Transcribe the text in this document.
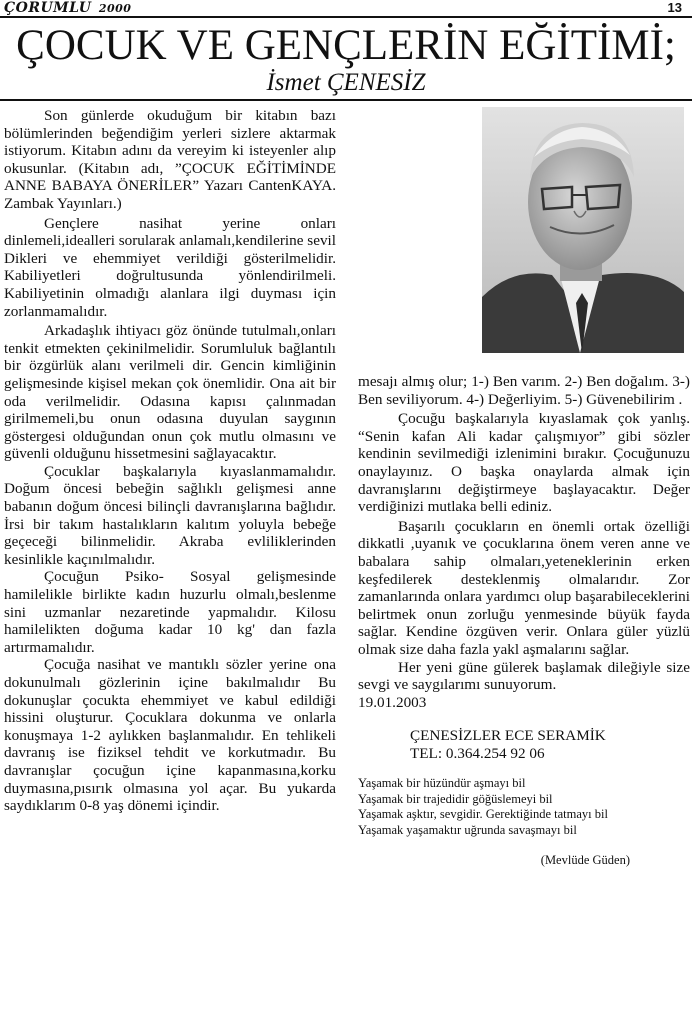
ÇORUMLU 2000	13
ÇOCUK VE GENÇLERİN EĞİTİMİ;
İsmet ÇENESİZ

Son günlerde okuduğum bir kitabın bazı bölümlerinden beğendiğim yerleri sizlere aktarmak istiyorum. Kitabın adını da vereyim ki isteyenler alıp okusunlar. (Kitabın adı, ”ÇOCUK EĞİTİMİNDE ANNE BABAYA ÖNERİLER” Yazarı CantenKAYA. Zambak Yayınları.)

Gençlere nasihat yerine onları dinlemeli,idealleri sorularak anlamalı,kendilerine sevil Dikleri ve ehemmiyet verildiği gösterilmelidir. Kabiliyetleri doğrultusunda yönlendirilmeli. Kabiliyetinin olmadığı alanlara ilgi duyması için zorlanmamalıdır.

Arkadaşlık ihtiyacı göz önünde tutulmalı,onları tenkit etmekten çekinilmelidir. Sorumluluk bağlantılı bir özgürlük alanı verilmeli dir. Gencin kimliğinin gelişmesinde kişisel mekan çok önemlidir. Ona ait bir oda verilmelidir. Odasına kapısı çalınmadan girilmemeli,bu onun odasına duyulan saygının göstergesi olduğundan onun çok mutlu olmasını ve güvenli olduğunu hissetmesini sağlayacaktır.

Çocuklar başkalarıyla kıyaslanmamalıdır. Doğum öncesi bebeğin sağlıklı gelişmesi anne babanın doğum öncesi bilinçli davranışlarına bağlıdır. İrsi bir takım hastalıkların kalıtım yoluyla bebeğe geçeceği bilinmelidir. Akraba evliliklerinden kesinlikle kaçınılmalıdır.

Çocuğun Psiko- Sosyal gelişmesinde hamilelikle birlikte kadın huzurlu olmalı,beslenme sini uzmanlar nezaretinde yapmalıdır. Kilosu hamilelikten doğuma kadar 10 kg' dan fazla artırmamalıdır.

Çocuğa nasihat ve mantıklı sözler yerine ona dokunulmalı gözlerinin içine bakılmalıdır Bu dokunuşlar çocukta ehemmiyet ve kabul edildiği hissini oluşturur. Çocuklara dokunma ve onlarla konuşmaya 1-2 aylıkken başlanmalıdır. En tehlikeli davranış ise fiziksel tehdit ve korkutmadır. Bu davranışlar çocuğun içine kapanmasına,korku duymasına,pısırık olmasına yol açar. Bu yukarda saydıklarım 0-8 yaş dönemi içindir.

mesajı almış olur; 1-) Ben varım. 2-) Ben doğalım. 3-) Ben seviliyorum. 4-) Değerliyim. 5-) Güvenebilirim .

Çocuğu başkalarıyla kıyaslamak çok yanlış. “Senin kafan Ali kadar çalışmıyor” gibi sözler kendinin sevilmediği izlenimini bırakır. Çocuğunuzu onaylayınız. O başka onaylarda almak için davranışlarını değiştirmeye başlayacaktır. Değer verdiğinizi mutlaka belli ediniz.

Başarılı çocukların en önemli ortak özelliği dikkatli ,uyanık ve çocuklarına önem veren anne ve babalara sahip olmaları,yeteneklerinin erken keşfedilerek desteklenmiş olmalarıdır. Zor zamanlarında onlara yardımcı olup başarabileceklerini belirtmek onun zorluğu yenmesinde büyük fayda sağlar. Kendine özgüven verir. Onlara güler yüzlü olmak size daha fazla yakl aşmalarını sağlar.

Her yeni güne gülerek başlamak dileğiyle size sevgi ve saygılarımı sunuyorum.

19.01.2003

ÇENESİZLER ECE SERAMİK
TEL: 0.364.254 92 06
Yaşamak bir hüzündür aşmayı bil
Yaşamak bir trajedidir göğüslemeyi bil
Yaşamak aşktır, sevgidir. Gerektiğinde tatmayı bil
Yaşamak yaşamaktır uğrunda savaşmayı bil
(Mevlüde Güden)
